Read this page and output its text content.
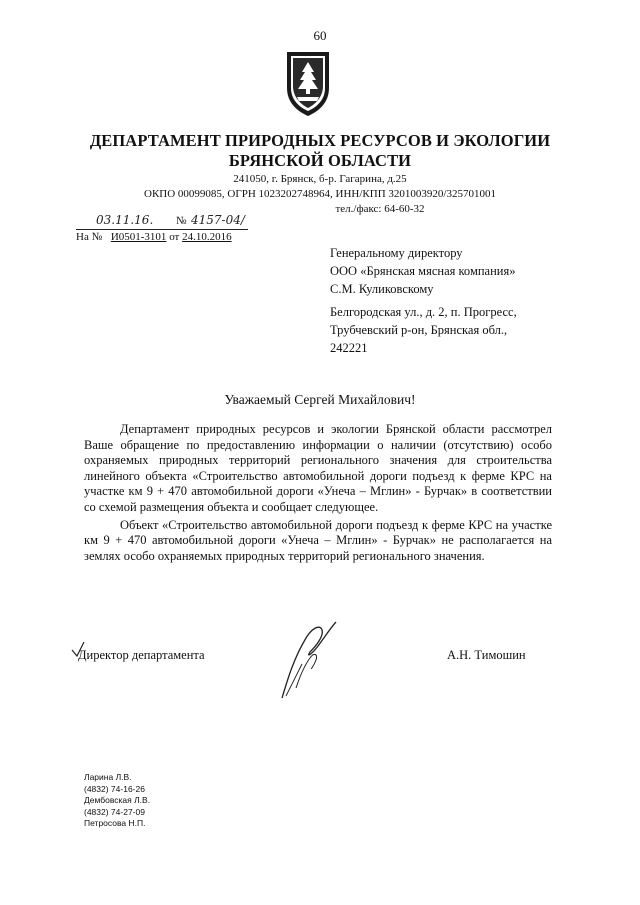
60
ДЕПАРТАМЕНТ ПРИРОДНЫХ РЕСУРСОВ И ЭКОЛОГИИ
БРЯНСКОЙ ОБЛАСТИ
241050, г. Брянск, б-р. Гагарина, д.25
ОКПО 00099085, ОГРН 1023202748964, ИНН/КПП 3201003920/325701001
тел./факс: 64-60-32
03.11.16. № 4157-04/
На № И0501-3101 от 24.10.2016
Генеральному директору
ООО «Брянская мясная компания»
С.М. Куликовскому
Белгородская ул., д. 2, п. Прогресс,
Трубчевский р-он, Брянская обл.,
242221
Уважаемый Сергей Михайлович!

Департамент природных ресурсов и экологии Брянской области рассмотрел Ваше обращение по предоставлению информации о наличии (отсутствию) особо охраняемых природных территорий регионального значения для строительства линейного объекта «Строительство автомобильной дороги подъезд к ферме КРС на участке км 9 + 470 автомобильной дороги «Унеча – Мглин» - Бурчак» в соответствии со схемой размещения объекта и сообщает следующее.

Объект «Строительство автомобильной дороги подъезд к ферме КРС на участке км 9 + 470 автомобильной дороги «Унеча – Мглин» - Бурчак» не располагается на землях особо охраняемых природных территорий регионального значения.

Директор департамента	А.Н. Тимошин
Ларина Л.В.
(4832) 74-16-26
Дембовская Л.В.
(4832) 74-27-09
Петросова Н.П.
